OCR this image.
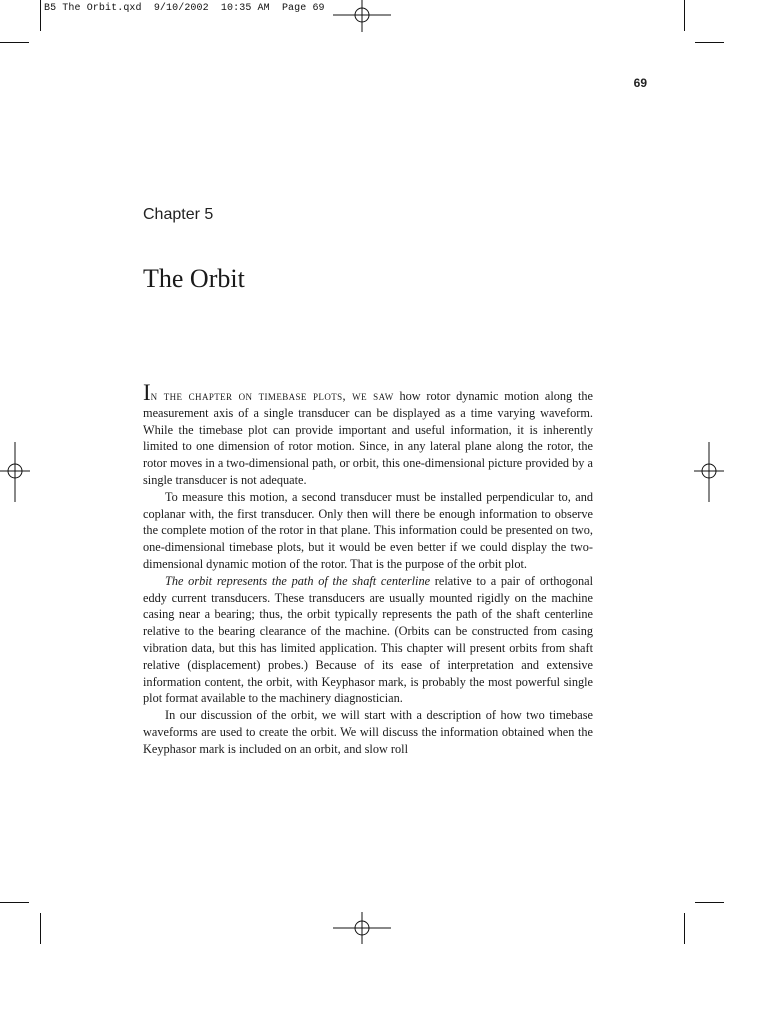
B5 The Orbit.qxd  9/10/2002  10:35 AM  Page 69
69
Chapter 5
The Orbit

In the chapter on timebase plots, we saw how rotor dynamic motion along the measurement axis of a single transducer can be displayed as a time varying waveform. While the timebase plot can provide important and useful information, it is inherently limited to one dimension of rotor motion. Since, in any lateral plane along the rotor, the rotor moves in a two-dimensional path, or orbit, this one-dimensional picture provided by a single transducer is not adequate.

To measure this motion, a second transducer must be installed perpendicular to, and coplanar with, the first transducer. Only then will there be enough information to observe the complete motion of the rotor in that plane. This information could be presented on two, one-dimensional timebase plots, but it would be even better if we could display the two-dimensional dynamic motion of the rotor. That is the purpose of the orbit plot.

The orbit represents the path of the shaft centerline relative to a pair of orthogonal eddy current transducers. These transducers are usually mounted rigidly on the machine casing near a bearing; thus, the orbit typically represents the path of the shaft centerline relative to the bearing clearance of the machine. (Orbits can be constructed from casing vibration data, but this has limited application. This chapter will present orbits from shaft relative (displacement) probes.) Because of its ease of interpretation and extensive information content, the orbit, with Keyphasor mark, is probably the most powerful single plot format available to the machinery diagnostician.

In our discussion of the orbit, we will start with a description of how two timebase waveforms are used to create the orbit. We will discuss the information obtained when the Keyphasor mark is included on an orbit, and slow roll
